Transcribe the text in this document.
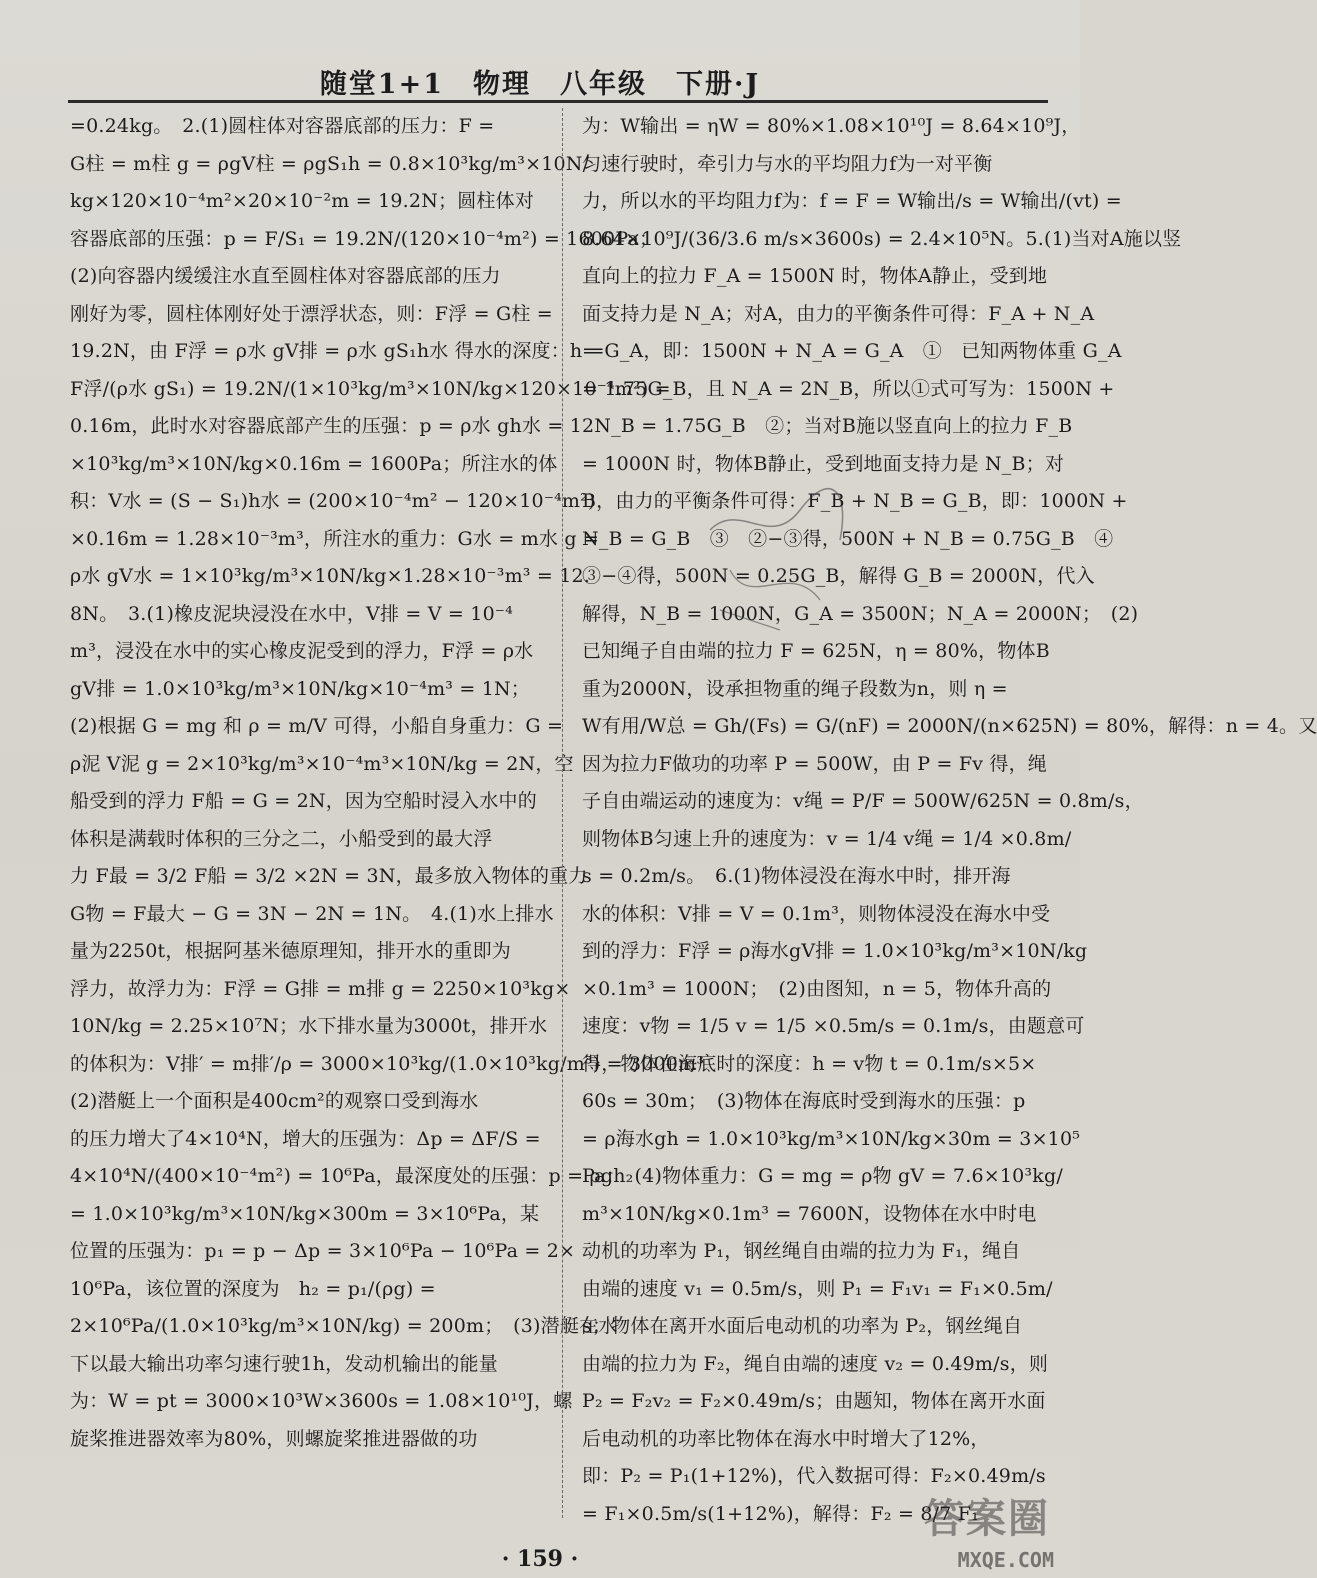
随堂1+1　物理　八年级　下册·J
=0.24kg。　2.(1)圆柱体对容器底部的压力：F =
G柱 = m柱 g = ρgV柱 = ρgS₁h = 0.8×10³kg/m³×10N/
kg×120×10⁻⁴m²×20×10⁻²m = 19.2N；圆柱体对
容器底部的压强：p = F/S₁ = 19.2N/(120×10⁻⁴m²) = 1600Pa；
(2)向容器内缓缓注水直至圆柱体对容器底部的压力
刚好为零，圆柱体刚好处于漂浮状态，则：F浮 = G柱 =
19.2N，由 F浮 = ρ水 gV排 = ρ水 gS₁h水 得水的深度：h =
F浮/(ρ水 gS₁) = 19.2N/(1×10³kg/m³×10N/kg×120×10⁻⁴m²) =
0.16m，此时水对容器底部产生的压强：p = ρ水 gh水 = 1
×10³kg/m³×10N/kg×0.16m = 1600Pa；所注水的体
积：V水 = (S − S₁)h水 = (200×10⁻⁴m² − 120×10⁻⁴m²)
×0.16m = 1.28×10⁻³m³，所注水的重力：G水 = m水 g =
ρ水 gV水 = 1×10³kg/m³×10N/kg×1.28×10⁻³m³ = 12.
8N。　3.(1)橡皮泥块浸没在水中，V排 = V = 10⁻⁴
m³，浸没在水中的实心橡皮泥受到的浮力，F浮 = ρ水
gV排 = 1.0×10³kg/m³×10N/kg×10⁻⁴m³ = 1N；
(2)根据 G = mg 和 ρ = m/V 可得，小船自身重力：G =
ρ泥 V泥 g = 2×10³kg/m³×10⁻⁴m³×10N/kg = 2N，空
船受到的浮力 F船 = G = 2N，因为空船时浸入水中的
体积是满载时体积的三分之二，小船受到的最大浮
力 F最 = 3/2 F船 = 3/2 ×2N = 3N，最多放入物体的重力
G物 = F最大 − G = 3N − 2N = 1N。　4.(1)水上排水
量为2250t，根据阿基米德原理知，排开水的重即为
浮力，故浮力为：F浮 = G排 = m排 g = 2250×10³kg×
10N/kg = 2.25×10⁷N；水下排水量为3000t，排开水
的体积为：V排′ = m排′/ρ = 3000×10³kg/(1.0×10³kg/m³) = 3000m³
(2)潜艇上一个面积是400cm²的观察口受到海水
的压力增大了4×10⁴N，增大的压强为：Δp = ΔF/S =
4×10⁴N/(400×10⁻⁴m²) = 10⁶Pa，最深度处的压强：p = ρgh₂
= 1.0×10³kg/m³×10N/kg×300m = 3×10⁶Pa，某
位置的压强为：p₁ = p − Δp = 3×10⁶Pa − 10⁶Pa = 2×
10⁶Pa，该位置的深度为　h₂ = p₁/(ρg) =
2×10⁶Pa/(1.0×10³kg/m³×10N/kg) = 200m；　(3)潜艇在水
下以最大输出功率匀速行驶1h，发动机输出的能量
为：W = pt = 3000×10³W×3600s = 1.08×10¹⁰J，螺
旋桨推进器效率为80%，则螺旋桨推进器做的功
为：W输出 = ηW = 80%×1.08×10¹⁰J = 8.64×10⁹J，
匀速行驶时，牵引力与水的平均阻力f为一对平衡
力，所以水的平均阻力f为：f = F = W输出/s = W输出/(vt) =
8.64×10⁹J/(36/3.6 m/s×3600s) = 2.4×10⁵N。5.(1)当对A施以竖
直向上的拉力 F_A = 1500N 时，物体A静止，受到地
面支持力是 N_A；对A，由力的平衡条件可得：F_A + N_A
= G_A，即：1500N + N_A = G_A　①　已知两物体重 G_A
= 1.75G_B，且 N_A = 2N_B，所以①式可写为：1500N +
2N_B = 1.75G_B　②；当对B施以竖直向上的拉力 F_B
= 1000N 时，物体B静止，受到地面支持力是 N_B；对
B，由力的平衡条件可得：F_B + N_B = G_B，即：1000N +
N_B = G_B　③　②−③得，500N + N_B = 0.75G_B　④
③−④得，500N = 0.25G_B，解得 G_B = 2000N，代入
解得，N_B = 1000N，G_A = 3500N；N_A = 2000N；　(2)
已知绳子自由端的拉力 F = 625N，η = 80%，物体B
重为2000N，设承担物重的绳子段数为n，则 η =
W有用/W总 = Gh/(Fs) = G/(nF) = 2000N/(n×625N) = 80%，解得：n = 4。又
因为拉力F做功的功率 P = 500W，由 P = Fv 得，绳
子自由端运动的速度为：v绳 = P/F = 500W/625N = 0.8m/s，
则物体B匀速上升的速度为：v = 1/4 v绳 = 1/4 ×0.8m/
s = 0.2m/s。　6.(1)物体浸没在海水中时，排开海
水的体积：V排 = V = 0.1m³，则物体浸没在海水中受
到的浮力：F浮 = ρ海水gV排 = 1.0×10³kg/m³×10N/kg
×0.1m³ = 1000N；　(2)由图知，n = 5，物体升高的
速度：v物 = 1/5 v = 1/5 ×0.5m/s = 0.1m/s，由题意可
得，物体在海底时的深度：h = v物 t = 0.1m/s×5×
60s = 30m；　(3)物体在海底时受到海水的压强：p
= ρ海水gh = 1.0×10³kg/m³×10N/kg×30m = 3×10⁵
Pa；　(4)物体重力：G = mg = ρ物 gV = 7.6×10³kg/
m³×10N/kg×0.1m³ = 7600N，设物体在水中时电
动机的功率为 P₁，钢丝绳自由端的拉力为 F₁，绳自
由端的速度 v₁ = 0.5m/s，则 P₁ = F₁v₁ = F₁×0.5m/
s；物体在离开水面后电动机的功率为 P₂，钢丝绳自
由端的拉力为 F₂，绳自由端的速度 v₂ = 0.49m/s，则
P₂ = F₂v₂ = F₂×0.49m/s；由题知，物体在离开水面
后电动机的功率比物体在海水中时增大了12%，
即：P₂ = P₁(1+12%)，代入数据可得：F₂×0.49m/s
= F₁×0.5m/s(1+12%)，解得：F₂ = 8/7 F₁
· 159 ·
答案圈
MXQE.COM
